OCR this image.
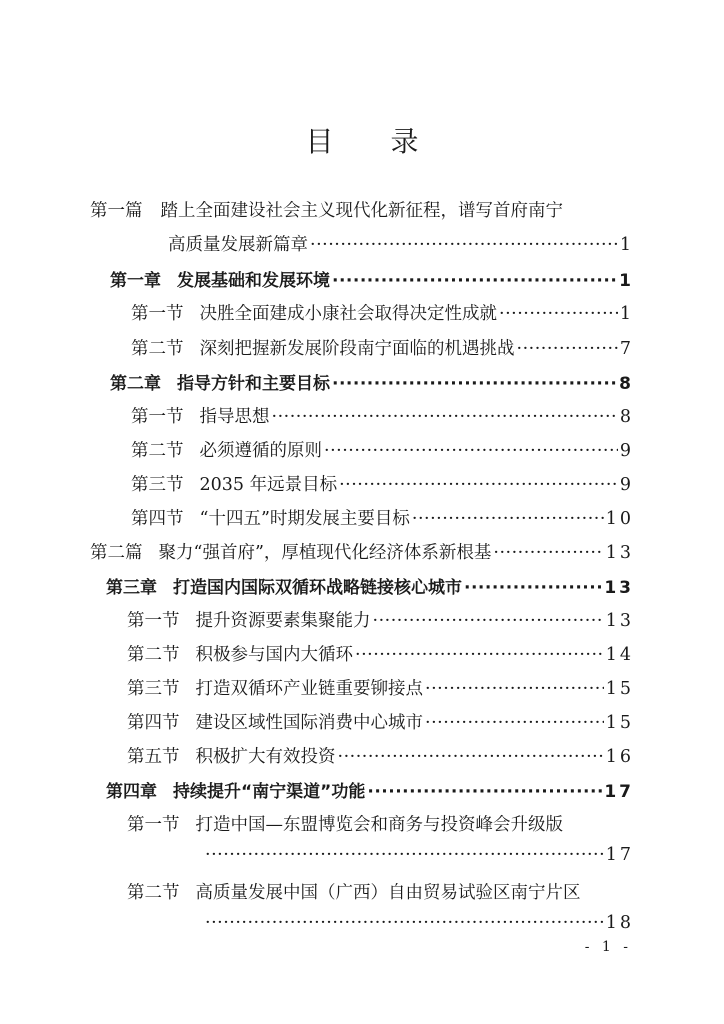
目 录
第一篇 踏上全面建设社会主义现代化新征程，谱写首府南宁
高质量发展新篇章 ·····	1
第一章 发展基础和发展环境 ·····	1
第一节 决胜全面建成小康社会取得决定性成就 ·····	1
第二节 深刻把握新发展阶段南宁面临的机遇挑战 ·····	7
第二章 指导方针和主要目标 ·····	8
第一节 指导思想 ·····	8
第二节 必须遵循的原则 ·····	9
第三节 2035 年远景目标 ·····	9
第四节 “十四五”时期发展主要目标 ·····	10
第二篇 聚力“强首府”，厚植现代化经济体系新根基 ·····	13
第三章 打造国内国际双循环战略链接核心城市 ·····	13
第一节 提升资源要素集聚能力 ·····	13
第二节 积极参与国内大循环 ·····	14
第三节 打造双循环产业链重要铆接点 ·····	15
第四节 建设区域性国际消费中心城市 ·····	15
第五节 积极扩大有效投资 ·····	16
第四章 持续提升“南宁渠道”功能 ·····	17
第一节 打造中国—东盟博览会和商务与投资峰会升级版
·····
17
第二节 高质量发展中国（广西）自由贸易试验区南宁片区
·····
18
- 1 -
